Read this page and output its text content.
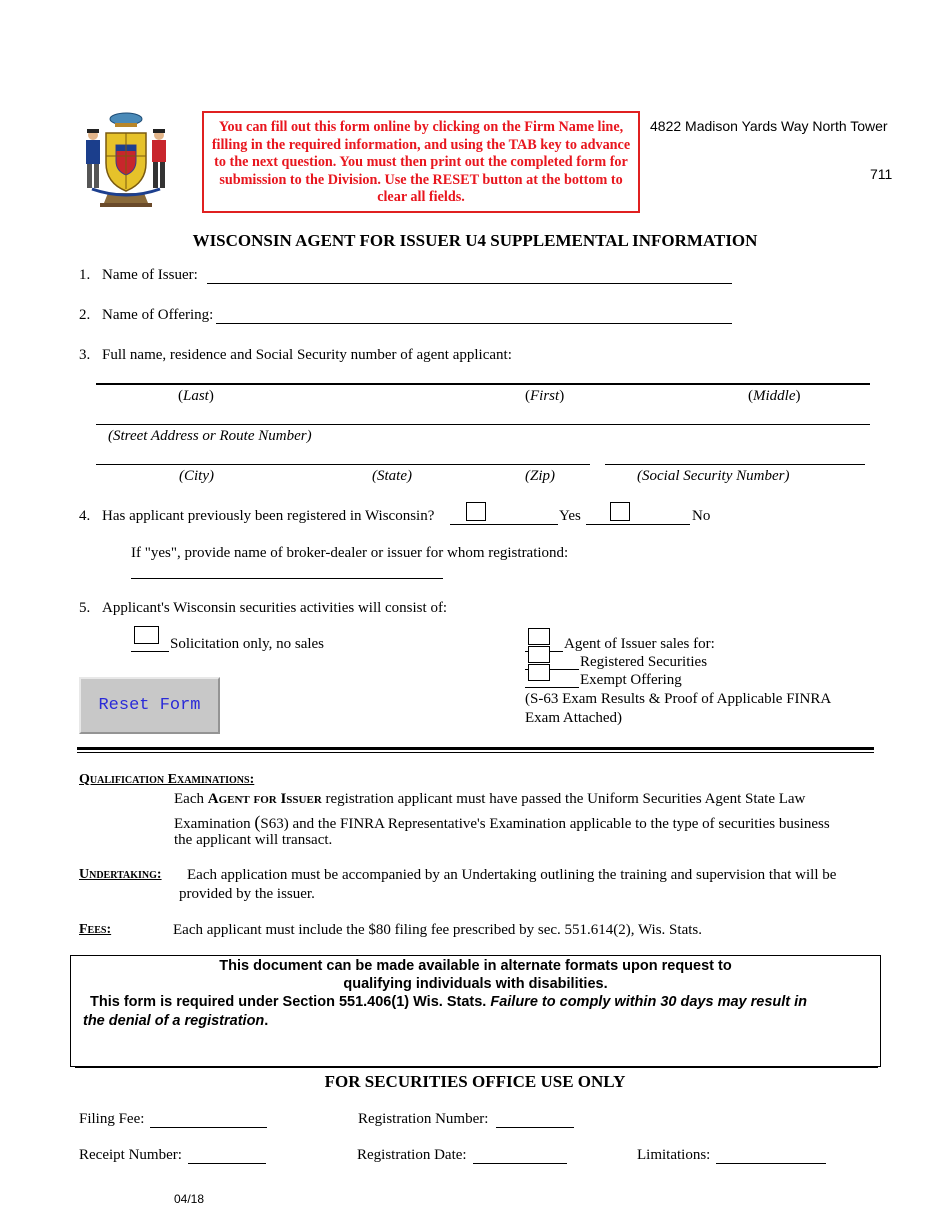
You can fill out this form online by clicking on the Firm Name line, filling in the required information, and using the TAB key to advance to the next question. You must then print out the completed form for submission to the Division. Use the RESET button at the bottom to clear all fields.
4822 Madison Yards Way North Tower
711
WISCONSIN AGENT FOR ISSUER U4 SUPPLEMENTAL INFORMATION
1. Name of Issuer:
2. Name of Offering:
3. Full name, residence and Social Security number of agent applicant:
(Last)	(First)	(Middle)
(Street Address or Route Number)
(City)	(State)	(Zip)	(Social Security Number)
4. Has applicant previously been registered in Wisconsin?	Yes	No
If "yes", provide name of broker-dealer or issuer for whom registrationd:
5. Applicant's Wisconsin securities activities will consist of:
Solicitation only, no sales	Agent of Issuer sales for:
Registered Securities
Exempt Offering
(S-63 Exam Results & Proof of Applicable FINRA
Exam Attached)
Reset Form
Qualification Examinations:
Each Agent for Issuer registration applicant must have passed the Uniform Securities Agent State Law
Examination (S63) and the FINRA Representative's Examination applicable to the type of securities business
the applicant will transact.
Undertaking: Each application must be accompanied by an Undertaking outlining the training and supervision that will be
provided by the issuer.
Fees:	Each applicant must include the $80 filing fee prescribed by sec. 551.614(2), Wis. Stats.
This document can be made available in alternate formats upon request to
qualifying individuals with disabilities.
This form is required under Section 551.406(1) Wis. Stats. Failure to comply within 30 days may result in
the denial of a registration.
FOR SECURITIES OFFICE USE ONLY
Filing Fee:	Registration Number:
Receipt Number:	Registration Date:	Limitations:
04/18
